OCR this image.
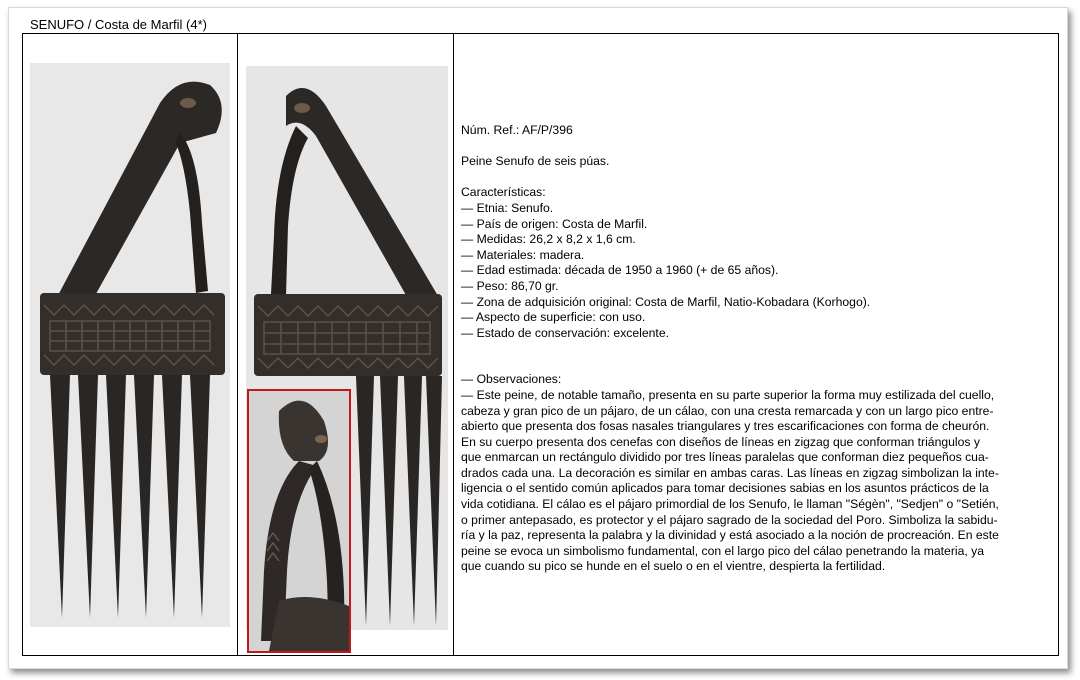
SENUFO / Costa de Marfil (4*)

Núm. Ref.: AF/P/396

Peine Senufo de seis púas.

Características:

— Etnia: Senufo.

— País de origen: Costa de Marfil.

— Medidas: 26,2 x 8,2 x 1,6 cm.

— Materiales: madera.

— Edad estimada: década de 1950 a 1960 (+ de 65 años).

— Peso: 86,70 gr.

— Zona de adquisición original: Costa de Marfil, Natio-Kobadara (Korhogo).

— Aspecto de superficie: con uso.

— Estado de conservación: excelente.

— Observaciones:

— Este peine, de notable tamaño, presenta en su parte superior la forma muy estilizada del cuello,

cabeza y gran pico de un pájaro, de un cálao, con una cresta remarcada y con un largo pico entre-

abierto que presenta dos fosas nasales triangulares y tres escarificaciones con forma de cheurón.

En su cuerpo presenta dos cenefas con diseños de líneas en zigzag que conforman triángulos y

que enmarcan un rectángulo dividido por tres líneas paralelas que conforman diez pequeños cua-

drados cada una. La decoración es similar en ambas caras. Las líneas en zigzag simbolizan la inte-

ligencia o el sentido común aplicados para tomar decisiones sabias en los asuntos prácticos de la

vida cotidiana. El cálao es el pájaro primordial de los Senufo, le llaman "Ségèn", "Sedjen" o "Setién,

o primer antepasado, es protector y el pájaro sagrado de la sociedad del Poro. Simboliza la sabidu-

ría y la paz, representa la palabra y la divinidad y está asociado a la noción de procreación. En este

peine se evoca un simbolismo fundamental, con el largo pico del cálao penetrando la materia, ya

que cuando su pico se hunde en el suelo o en el vientre, despierta la fertilidad.
